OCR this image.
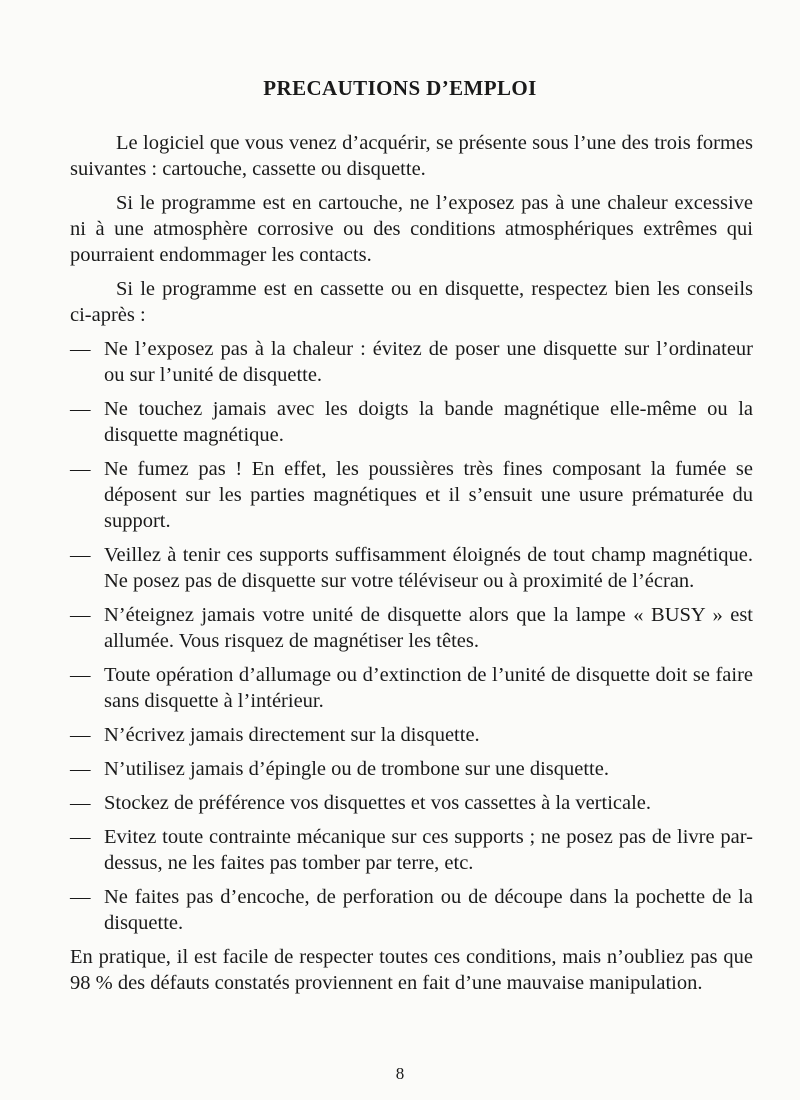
PRECAUTIONS D’EMPLOI

Le logiciel que vous venez d’acquérir, se présente sous l’une des trois formes suivantes : cartouche, cassette ou disquette.

Si le programme est en cartouche, ne l’exposez pas à une chaleur excessive ni à une atmosphère corrosive ou des conditions atmosphériques extrêmes qui pourraient endommager les contacts.

Si le programme est en cassette ou en disquette, respectez bien les conseils ci-après :

— Ne l’exposez pas à la chaleur : évitez de poser une disquette sur l’ordinateur ou sur l’unité de disquette.
— Ne touchez jamais avec les doigts la bande magnétique elle-même ou la disquette magnétique.
— Ne fumez pas ! En effet, les poussières très fines composant la fumée se déposent sur les parties magnétiques et il s’ensuit une usure prématurée du support.
— Veillez à tenir ces supports suffisamment éloignés de tout champ magnétique. Ne posez pas de disquette sur votre téléviseur ou à proximité de l’écran.
— N’éteignez jamais votre unité de disquette alors que la lampe « BUSY » est allumée. Vous risquez de magnétiser les têtes.
— Toute opération d’allumage ou d’extinction de l’unité de disquette doit se faire sans disquette à l’intérieur.
— N’écrivez jamais directement sur la disquette.
— N’utilisez jamais d’épingle ou de trombone sur une disquette.
— Stockez de préférence vos disquettes et vos cassettes à la verticale.
— Evitez toute contrainte mécanique sur ces supports ; ne posez pas de livre par-dessus, ne les faites pas tomber par terre, etc.
— Ne faites pas d’encoche, de perforation ou de découpe dans la pochette de la disquette.

En pratique, il est facile de respecter toutes ces conditions, mais n’oubliez pas que 98 % des défauts constatés proviennent en fait d’une mauvaise manipulation.

8
